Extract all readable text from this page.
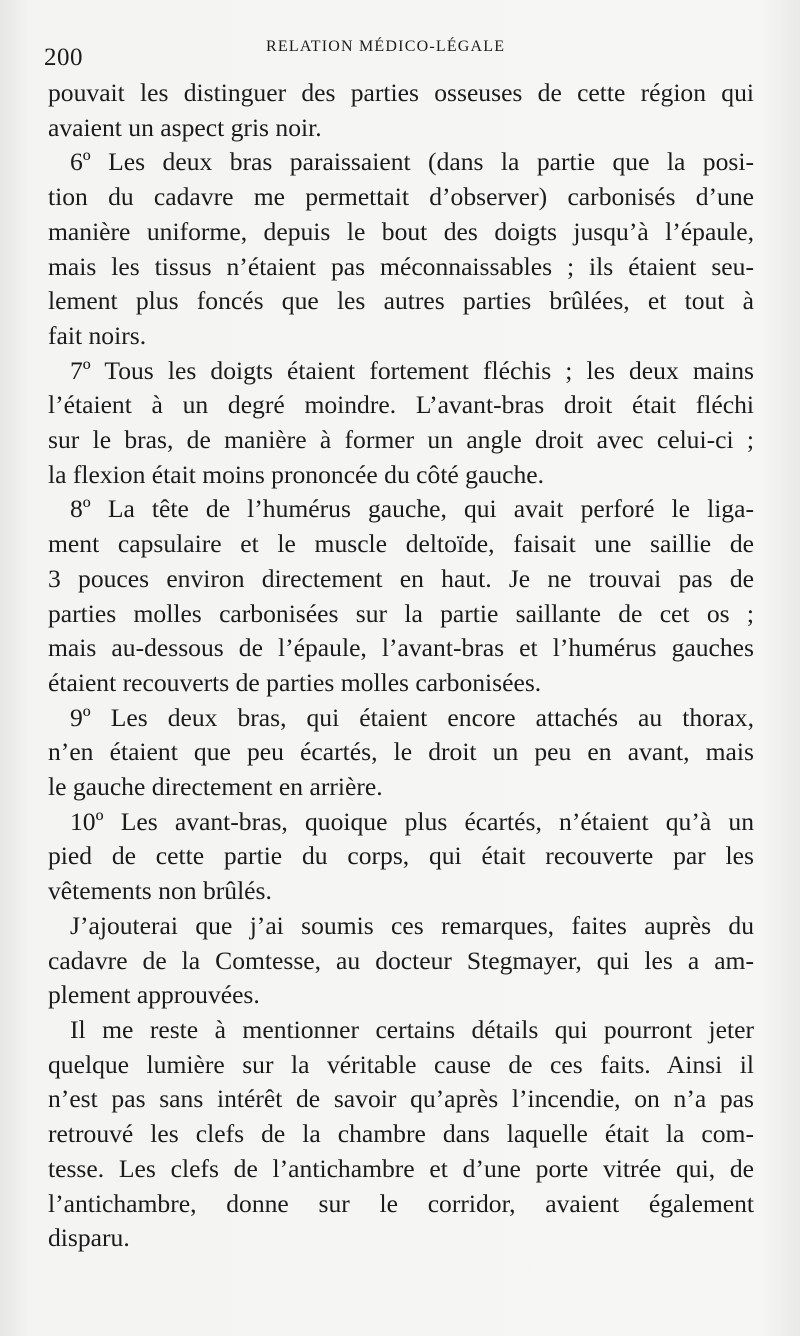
200	RELATION MÉDICO-LÉGALE
pouvait les distinguer des parties osseuses de cette région qui
avaient un aspect gris noir.
6º Les deux bras paraissaient (dans la partie que la posi-
tion du cadavre me permettait d’observer) carbonisés d’une
manière uniforme, depuis le bout des doigts jusqu’à l’épaule,
mais les tissus n’étaient pas méconnaissables ; ils étaient seu-
lement plus foncés que les autres parties brûlées, et tout à
fait noirs.
7º Tous les doigts étaient fortement fléchis ; les deux mains
l’étaient à un degré moindre. L’avant-bras droit était fléchi
sur le bras, de manière à former un angle droit avec celui-ci ;
la flexion était moins prononcée du côté gauche.
8º La tête de l’humérus gauche, qui avait perforé le liga-
ment capsulaire et le muscle deltoïde, faisait une saillie de
3 pouces environ directement en haut. Je ne trouvai pas de
parties molles carbonisées sur la partie saillante de cet os ;
mais au-dessous de l’épaule, l’avant-bras et l’humérus gauches
étaient recouverts de parties molles carbonisées.
9º Les deux bras, qui étaient encore attachés au thorax,
n’en étaient que peu écartés, le droit un peu en avant, mais
le gauche directement en arrière.
10º Les avant-bras, quoique plus écartés, n’étaient qu’à un
pied de cette partie du corps, qui était recouverte par les
vêtements non brûlés.
J’ajouterai que j’ai soumis ces remarques, faites auprès du
cadavre de la Comtesse, au docteur Stegmayer, qui les a am-
plement approuvées.
Il me reste à mentionner certains détails qui pourront jeter
quelque lumière sur la véritable cause de ces faits. Ainsi il
n’est pas sans intérêt de savoir qu’après l’incendie, on n’a pas
retrouvé les clefs de la chambre dans laquelle était la com-
tesse. Les clefs de l’antichambre et d’une porte vitrée qui, de
l’antichambre, donne sur le corridor, avaient également
disparu.
